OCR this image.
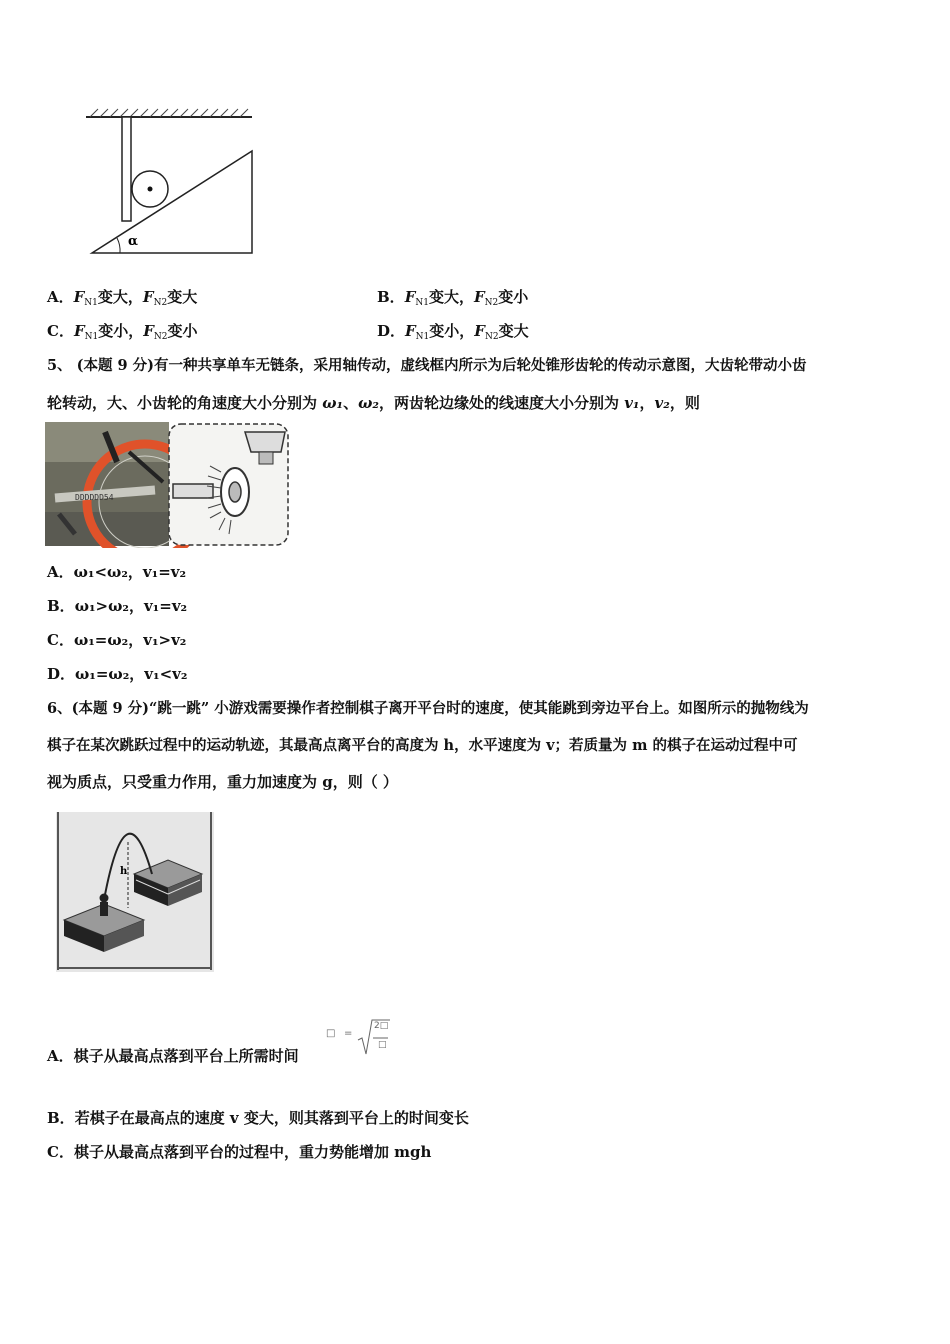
α
A．$F_{N1}$变大，$F_{N2}$变大	B．$F_{N1}$变大，$F_{N2}$变小
C．$F_{N1}$变小，$F_{N2}$变小	D．$F_{N1}$变小，$F_{N2}$变大
5、 (本题 9 分)有一种共享单车无链条，采用轴传动，虚线框内所示为后轮处锥形齿轮的传动示意图，大齿轮带动小齿
轮转动，大、小齿轮的角速度大小分别为 ω₁、ω₂，两齿轮边缘处的线速度大小分别为 v₁，v₂，则
DDDDDD54
A．ω₁<ω₂，v₁=v₂
B．ω₁>ω₂，v₁=v₂
C．ω₁=ω₂，v₁>v₂
D．ω₁=ω₂，v₁<v₂
6、(本题 9 分)“跳一跳” 小游戏需要操作者控制棋子离开平台时的速度，使其能跳到旁边平台上。如图所示的抛物线为
棋子在某次跳跃过程中的运动轨迹，其最高点离平台的高度为 h，水平速度为 v；若质量为 m 的棋子在运动过程中可
视为质点，只受重力作用，重力加速度为 g，则（ ）
h
A．棋子从最高点落到平台上所需时间
□ =
2□
□
B．若棋子在最高点的速度 v 变大，则其落到平台上的时间变长
C．棋子从最高点落到平台的过程中，重力势能增加 mgh
